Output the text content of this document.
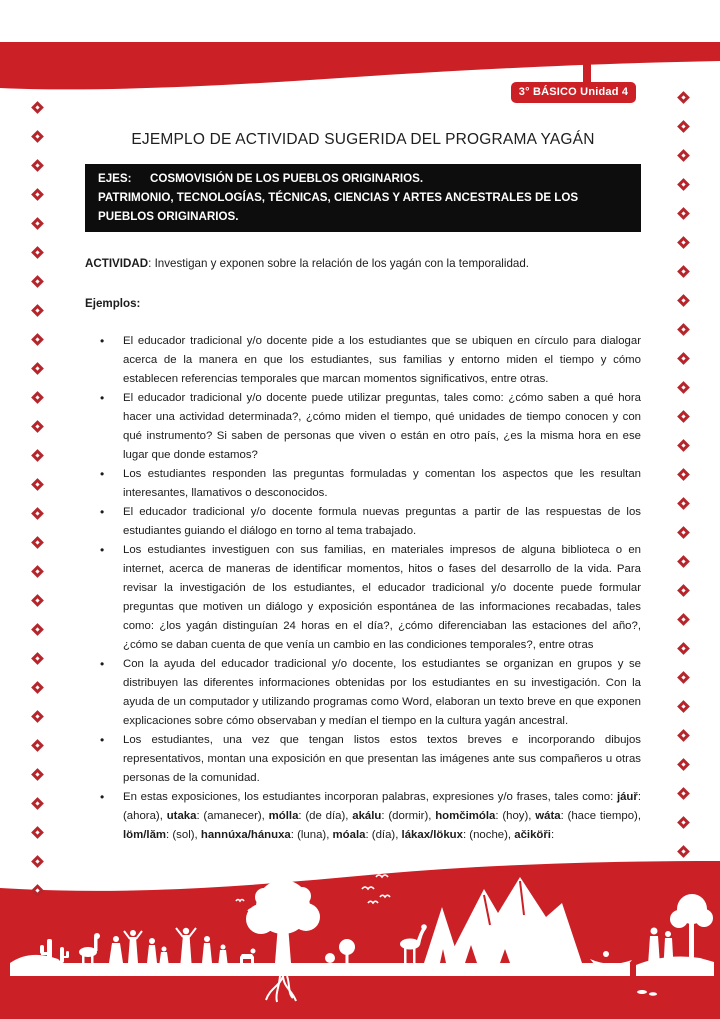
3° BÁSICO Unidad 4
EJEMPLO DE ACTIVIDAD SUGERIDA DEL PROGRAMA YAGÁN
EJES: COSMOVISIÓN DE LOS PUEBLOS ORIGINARIOS.
PATRIMONIO, TECNOLOGÍAS, TÉCNICAS, CIENCIAS Y ARTES ANCESTRALES DE LOS PUEBLOS ORIGINARIOS.

ACTIVIDAD: Investigan y exponen sobre la relación de los yagán con la temporalidad.

Ejemplos:

• El educador tradicional y/o docente pide a los estudiantes que se ubiquen en círculo para dialogar acerca de la manera en que los estudiantes, sus familias y entorno miden el tiempo y cómo establecen referencias temporales que marcan momentos significativos, entre otras.
• El educador tradicional y/o docente puede utilizar preguntas, tales como: ¿cómo saben a qué hora hacer una actividad determinada?, ¿cómo miden el tiempo, qué unidades de tiempo conocen y con qué instrumento? Si saben de personas que viven o están en otro país, ¿es la misma hora en ese lugar que donde estamos?
• Los estudiantes responden las preguntas formuladas y comentan los aspectos que les resultan interesantes, llamativos o desconocidos.
• El educador tradicional y/o docente formula nuevas preguntas a partir de las respuestas de los estudiantes guiando el diálogo en torno al tema trabajado.
• Los estudiantes investiguen con sus familias, en materiales impresos de alguna biblioteca o en internet, acerca de maneras de identificar momentos, hitos o fases del desarrollo de la vida. Para revisar la investigación de los estudiantes, el educador tradicional y/o docente puede formular preguntas que motiven un diálogo y exposición espontánea de las informaciones recabadas, tales como: ¿los yagán distinguían 24 horas en el día?, ¿cómo diferenciaban las estaciones del año?, ¿cómo se daban cuenta de que venía un cambio en las condiciones temporales?, entre otras
• Con la ayuda del educador tradicional y/o docente, los estudiantes se organizan en grupos y se distribuyen las diferentes informaciones obtenidas por los estudiantes en su investigación. Con la ayuda de un computador y utilizando programas como Word, elaboran un texto breve en que exponen explicaciones sobre cómo observaban y medían el tiempo en la cultura yagán ancestral.
• Los estudiantes, una vez que tengan listos estos textos breves e incorporando dibujos representativos, montan una exposición en que presentan las imágenes ante sus compañeros u otras personas de la comunidad.
• En estas exposiciones, los estudiantes incorporan palabras, expresiones y/o frases, tales como: jáuř: (ahora), utaka: (amanecer), mólla: (de día), akálu: (dormir), homčimóla: (hoy), wáta: (hace tiempo), löm/lăm: (sol), hannúxa/hánuxa: (luna), móala: (día), lákax/lökux: (noche), ačiköři:
